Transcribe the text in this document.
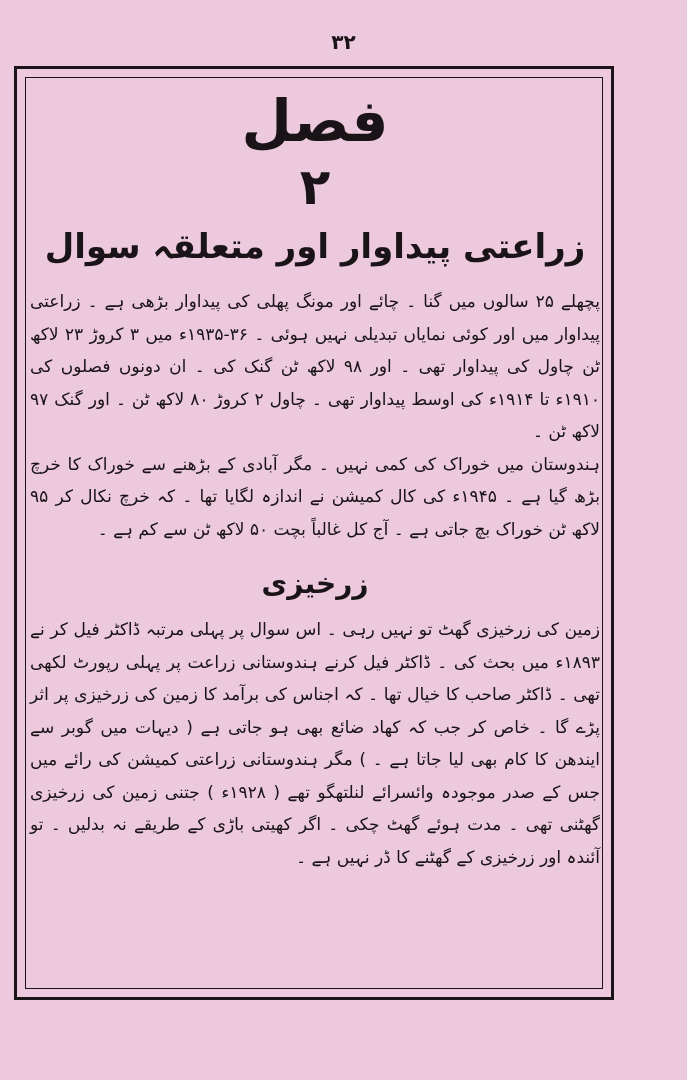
۳۲
فصل
۲
زراعتی پیداوار اور متعلقہ سوال

پچھلے ۲۵ سالوں میں گنا ۔ چائے اور مونگ پھلی کی پیداوار بڑھی ہے ۔ زراعتی پیداوار میں اور کوئی نمایاں تبدیلی نہیں ہوئی ۔ ۳۶-۱۹۳۵ء میں ۳ کروڑ ۲۳ لاکھ ٹن چاول کی پیداوار تھی ۔ اور ۹۸ لاکھ ٹن گنک کی ۔ ان دونوں فصلوں کی ۱۹۱۰ء تا ۱۹۱۴ء کی اوسط پیداوار تھی ۔ چاول ۲ کروڑ ۸۰ لاکھ ٹن ۔ اور گنک ۹۷ لاکھ ٹن ۔

ہندوستان میں خوراک کی کمی نہیں ۔ مگر آبادی کے بڑھنے سے خوراک کا خرچ بڑھ گیا ہے ۔ ۱۹۴۵ء کی کال کمیشن نے اندازہ لگایا تھا ۔ کہ خرچ نکال کر ۹۵ لاکھ ٹن خوراک بچ جاتی ہے ۔ آج کل غالباً بچت ۵۰ لاکھ ٹن سے کم ہے ۔

زرخیزی

زمین کی زرخیزی گھٹ تو نہیں رہی ۔ اس سوال پر پہلی مرتبہ ڈاکٹر فیل کر نے ۱۸۹۳ء میں بحث کی ۔ ڈاکٹر فیل کرنے ہندوستانی زراعت پر پہلی رپورٹ لکھی تھی ۔ ڈاکٹر صاحب کا خیال تھا ۔ کہ اجناس کی برآمد کا زمین کی زرخیزی پر اثر پڑے گا ۔ خاص کر جب کہ کھاد ضائع بھی ہو جاتی ہے ( دیہات میں گوبر سے ایندھن کا کام بھی لیا جاتا ہے ۔ ) مگر ہندوستانی زراعتی کمیشن کی رائے میں جس کے صدر موجودہ وائسرائے لنلتھگو تھے ( ۱۹۲۸ء ) جتنی زمین کی زرخیزی گھٹنی تھی ۔ مدت ہوئے گھٹ چکی ۔ اگر کھیتی باڑی کے طریقے نہ بدلیں ۔ تو آئندہ اور زرخیزی کے گھٹنے کا ڈر نہیں ہے ۔
